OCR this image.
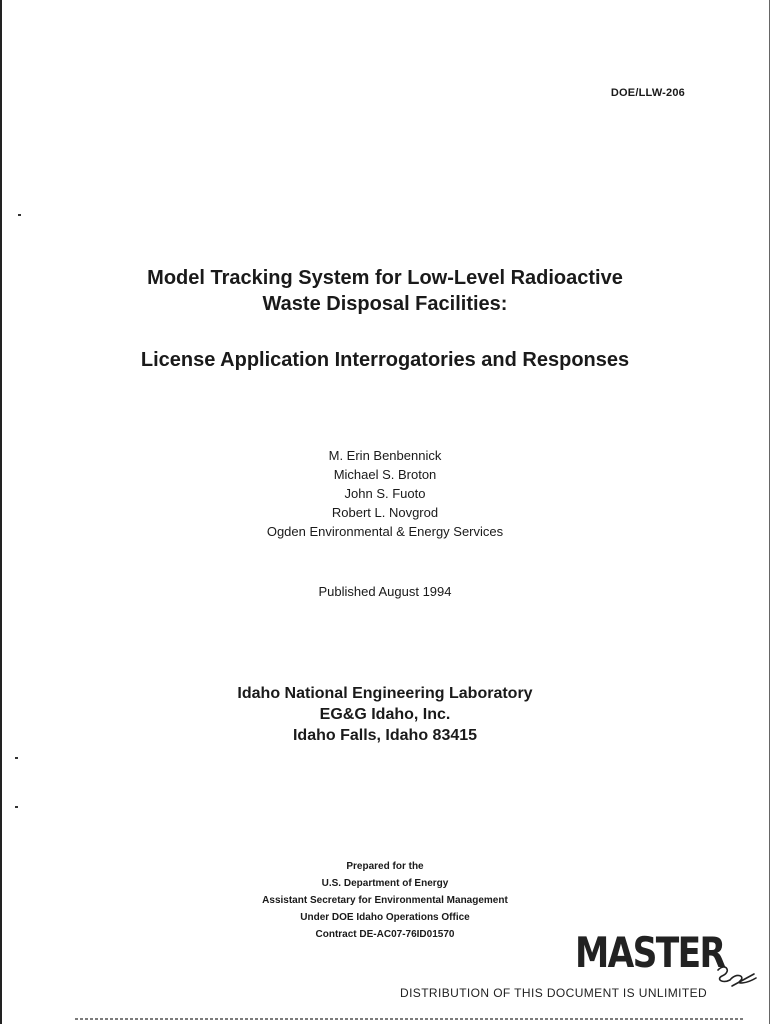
DOE/LLW-206
Model Tracking System for Low-Level Radioactive
Waste Disposal Facilities:
License Application Interrogatories and Responses
M. Erin Benbennick
Michael S. Broton
John S. Fuoto
Robert L. Novgrod
Ogden Environmental & Energy Services
Published August 1994
Idaho National Engineering Laboratory
EG&G Idaho, Inc.
Idaho Falls, Idaho 83415
Prepared for the
U.S. Department of Energy
Assistant Secretary for Environmental Management
Under DOE Idaho Operations Office
Contract DE-AC07-76ID01570	MASTER
DISTRIBUTION OF THIS DOCUMENT IS UNLIMITED
